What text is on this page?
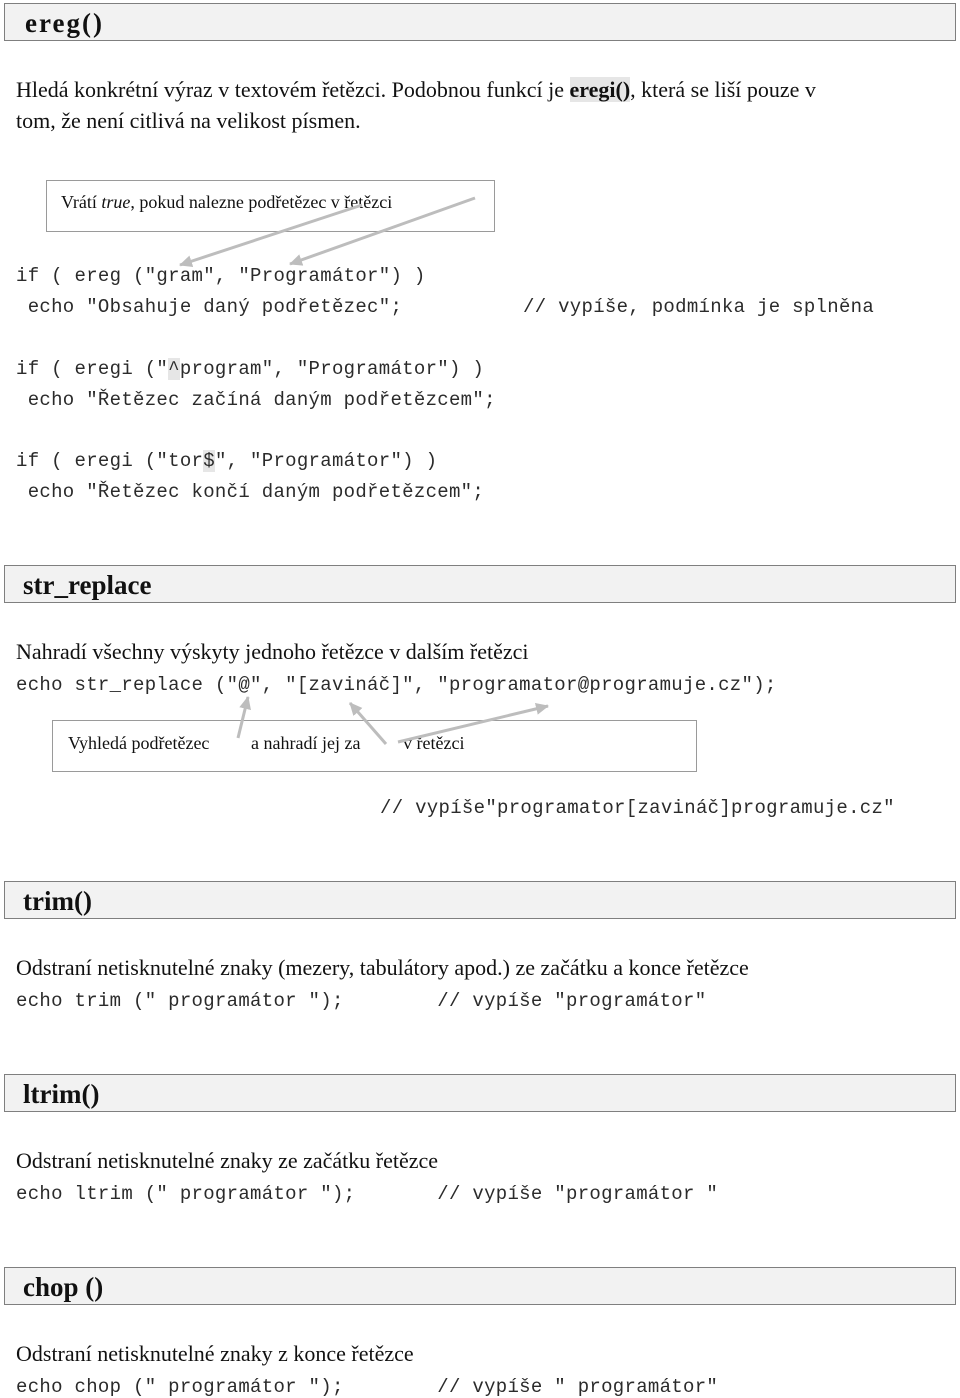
ereg()
Hledá konkrétní výraz v textovém řetězci. Podobnou funkcí je eregi(), která se liší pouze v
tom, že není citlivá na velikost písmen.
Vrátí true, pokud nalezne podřetězec v řetězci
if ( ereg ("gram", "Programátor") )
echo "Obsahuje daný podřetězec";	// vypíše, podmínka je splněna
if ( eregi ("^program", "Programátor") )
echo "Řetězec začíná daným podřetězcem";
if ( eregi ("tor$", "Programátor") )
echo "Řetězec končí daným podřetězcem";
str_replace
Nahradí všechny výskyty jednoho řetězce v dalším řetězci
echo str_replace ("@", "[zavináč]", "programator@programuje.cz");
Vyhledá podřetězec a nahradí jej za v řetězci
// vypíše"programator[zavináč]programuje.cz"
trim()
Odstraní netisknutelné znaky (mezery, tabulátory apod.) ze začátku a konce řetězce
echo trim (" programátor ");        // vypíše "programátor"
ltrim()
Odstraní netisknutelné znaky ze začátku řetězce
echo ltrim (" programátor ");       // vypíše "programátor "
chop ()
Odstraní netisknutelné znaky z konce řetězce
echo chop (" programátor ");        // vypíše " programátor"
